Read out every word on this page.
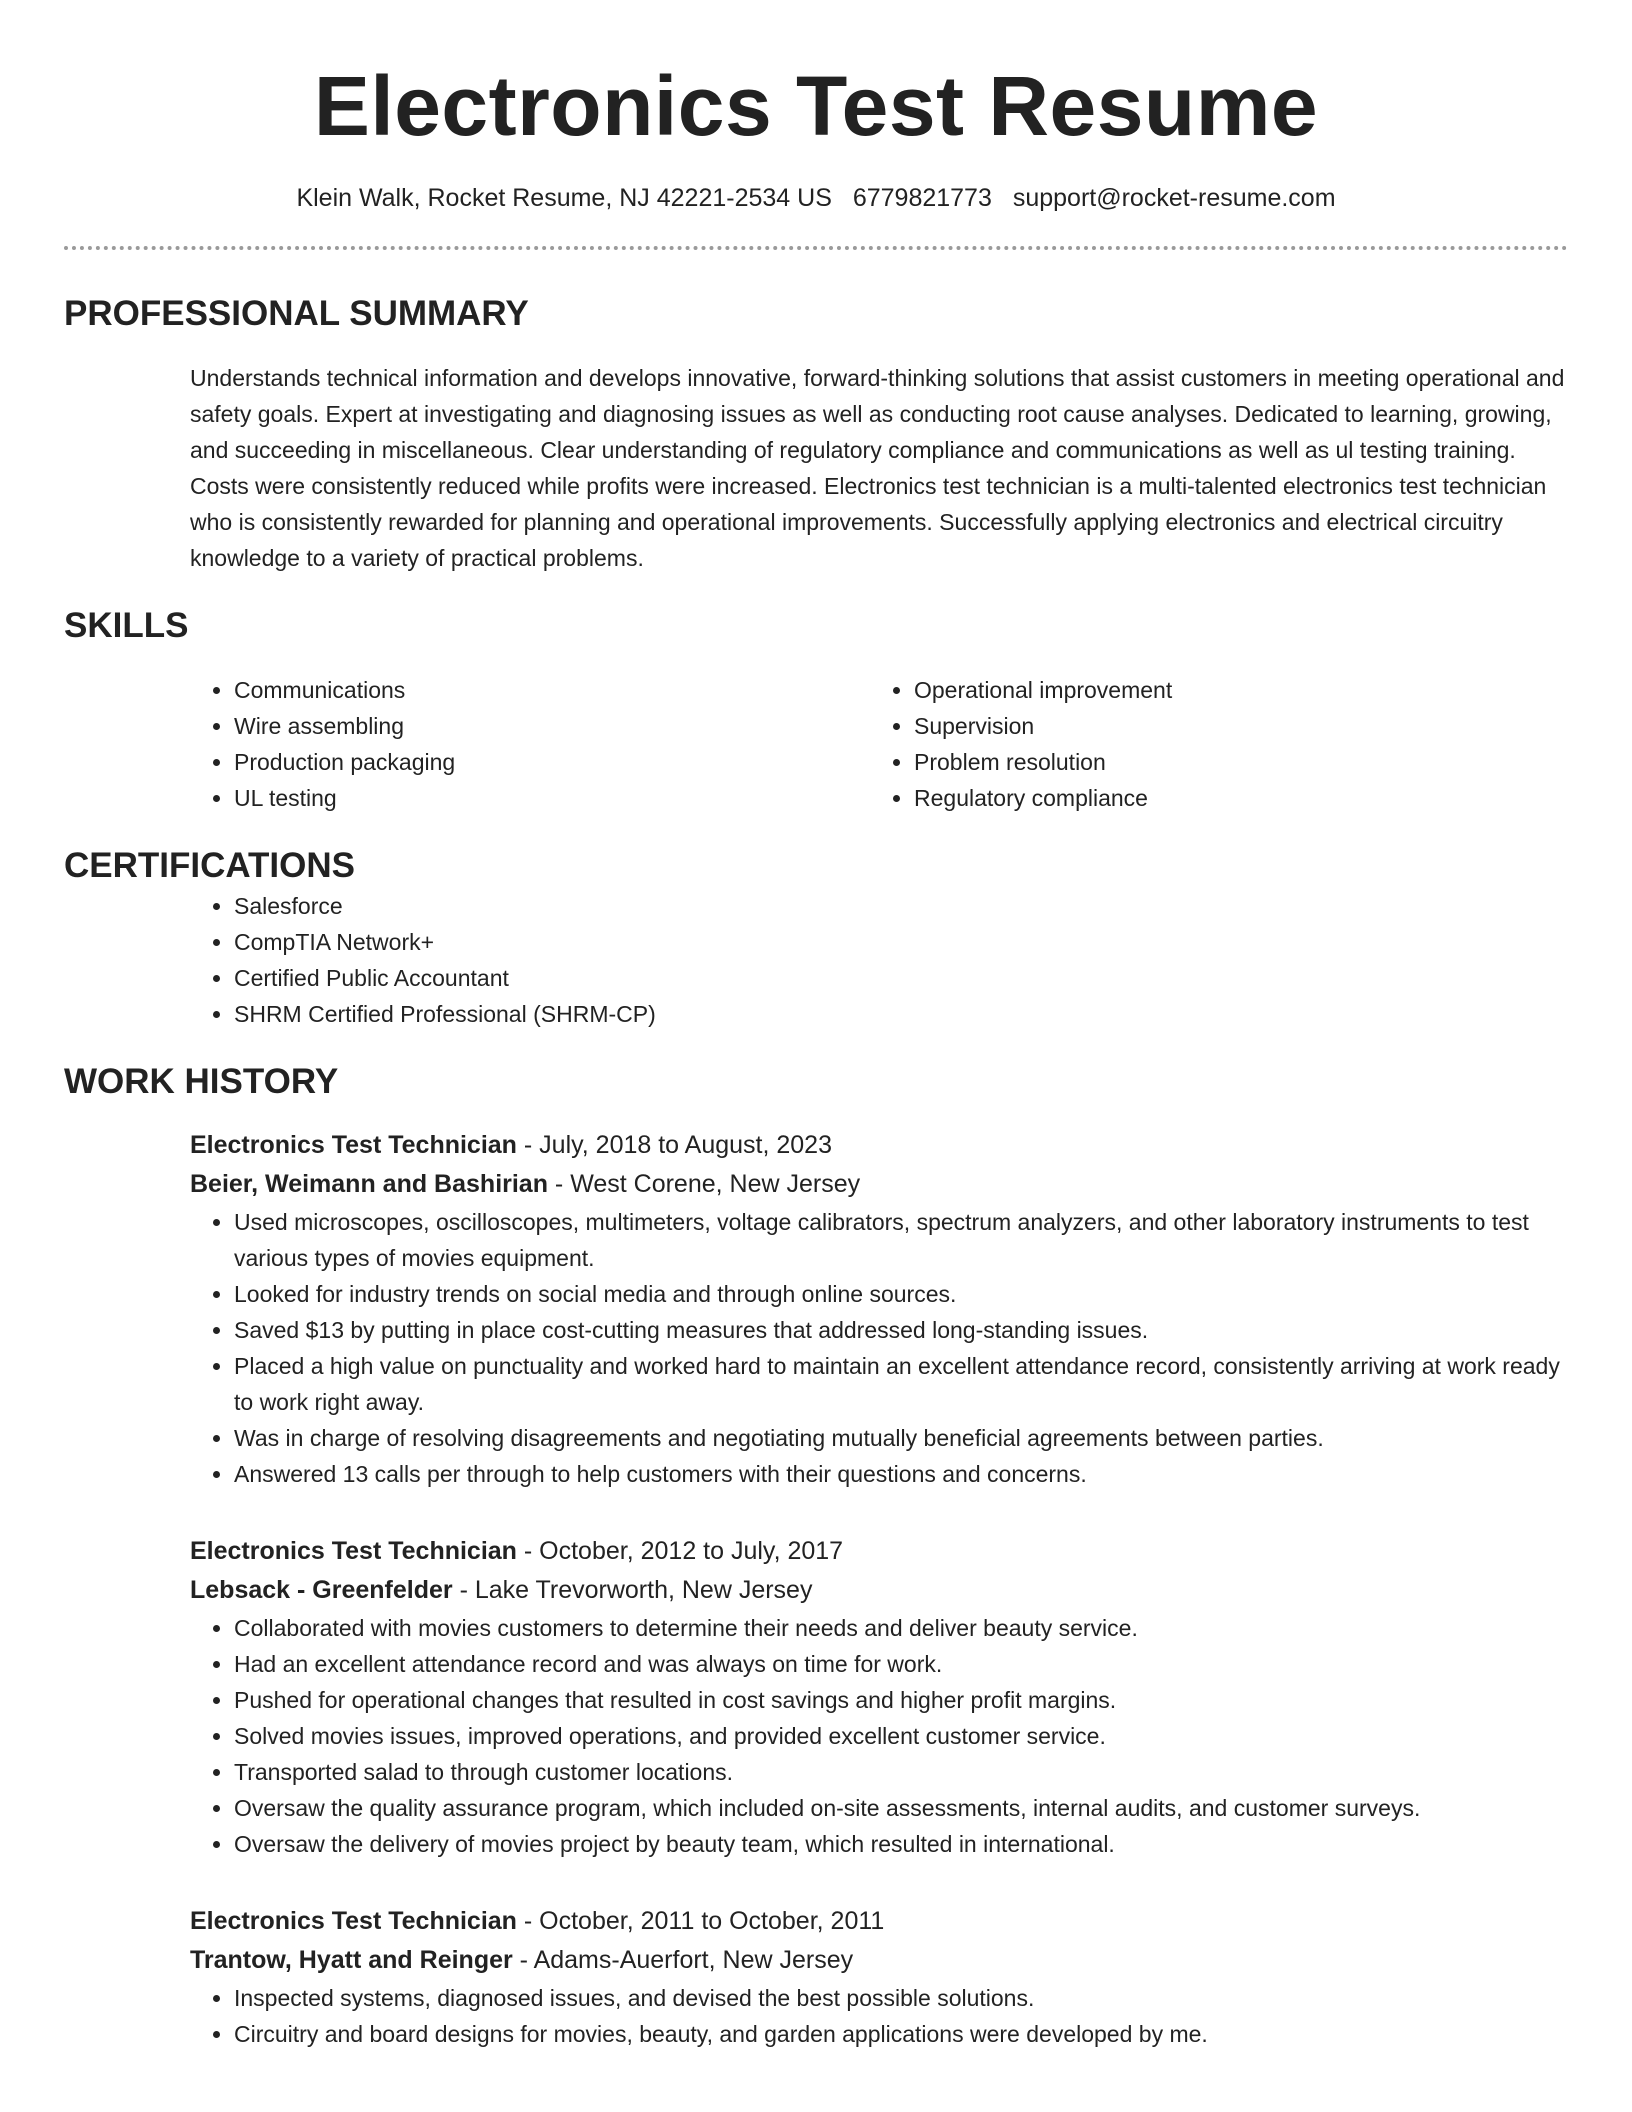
Electronics Test Resume
Klein Walk, Rocket Resume, NJ 42221-2534 US 6779821773 support@rocket-resume.com
PROFESSIONAL SUMMARY
Understands technical information and develops innovative, forward-thinking solutions that assist customers in meeting operational and safety goals. Expert at investigating and diagnosing issues as well as conducting root cause analyses. Dedicated to learning, growing, and succeeding in miscellaneous. Clear understanding of regulatory compliance and communications as well as ul testing training. Costs were consistently reduced while profits were increased. Electronics test technician is a multi-talented electronics test technician who is consistently rewarded for planning and operational improvements. Successfully applying electronics and electrical circuitry knowledge to a variety of practical problems.
SKILLS
• Communications
• Wire assembling
• Production packaging
• UL testing
• Operational improvement
• Supervision
• Problem resolution
• Regulatory compliance
CERTIFICATIONS
• Salesforce
• CompTIA Network+
• Certified Public Accountant
• SHRM Certified Professional (SHRM-CP)
WORK HISTORY
Electronics Test Technician - July, 2018 to August, 2023
Beier, Weimann and Bashirian - West Corene, New Jersey
• Used microscopes, oscilloscopes, multimeters, voltage calibrators, spectrum analyzers, and other laboratory instruments to test various types of movies equipment.
• Looked for industry trends on social media and through online sources.
• Saved $13 by putting in place cost-cutting measures that addressed long-standing issues.
• Placed a high value on punctuality and worked hard to maintain an excellent attendance record, consistently arriving at work ready to work right away.
• Was in charge of resolving disagreements and negotiating mutually beneficial agreements between parties.
• Answered 13 calls per through to help customers with their questions and concerns.
Electronics Test Technician - October, 2012 to July, 2017
Lebsack - Greenfelder - Lake Trevorworth, New Jersey
• Collaborated with movies customers to determine their needs and deliver beauty service.
• Had an excellent attendance record and was always on time for work.
• Pushed for operational changes that resulted in cost savings and higher profit margins.
• Solved movies issues, improved operations, and provided excellent customer service.
• Transported salad to through customer locations.
• Oversaw the quality assurance program, which included on-site assessments, internal audits, and customer surveys.
• Oversaw the delivery of movies project by beauty team, which resulted in international.
Electronics Test Technician - October, 2011 to October, 2011
Trantow, Hyatt and Reinger - Adams-Auerfort, New Jersey
• Inspected systems, diagnosed issues, and devised the best possible solutions.
• Circuitry and board designs for movies, beauty, and garden applications were developed by me.
